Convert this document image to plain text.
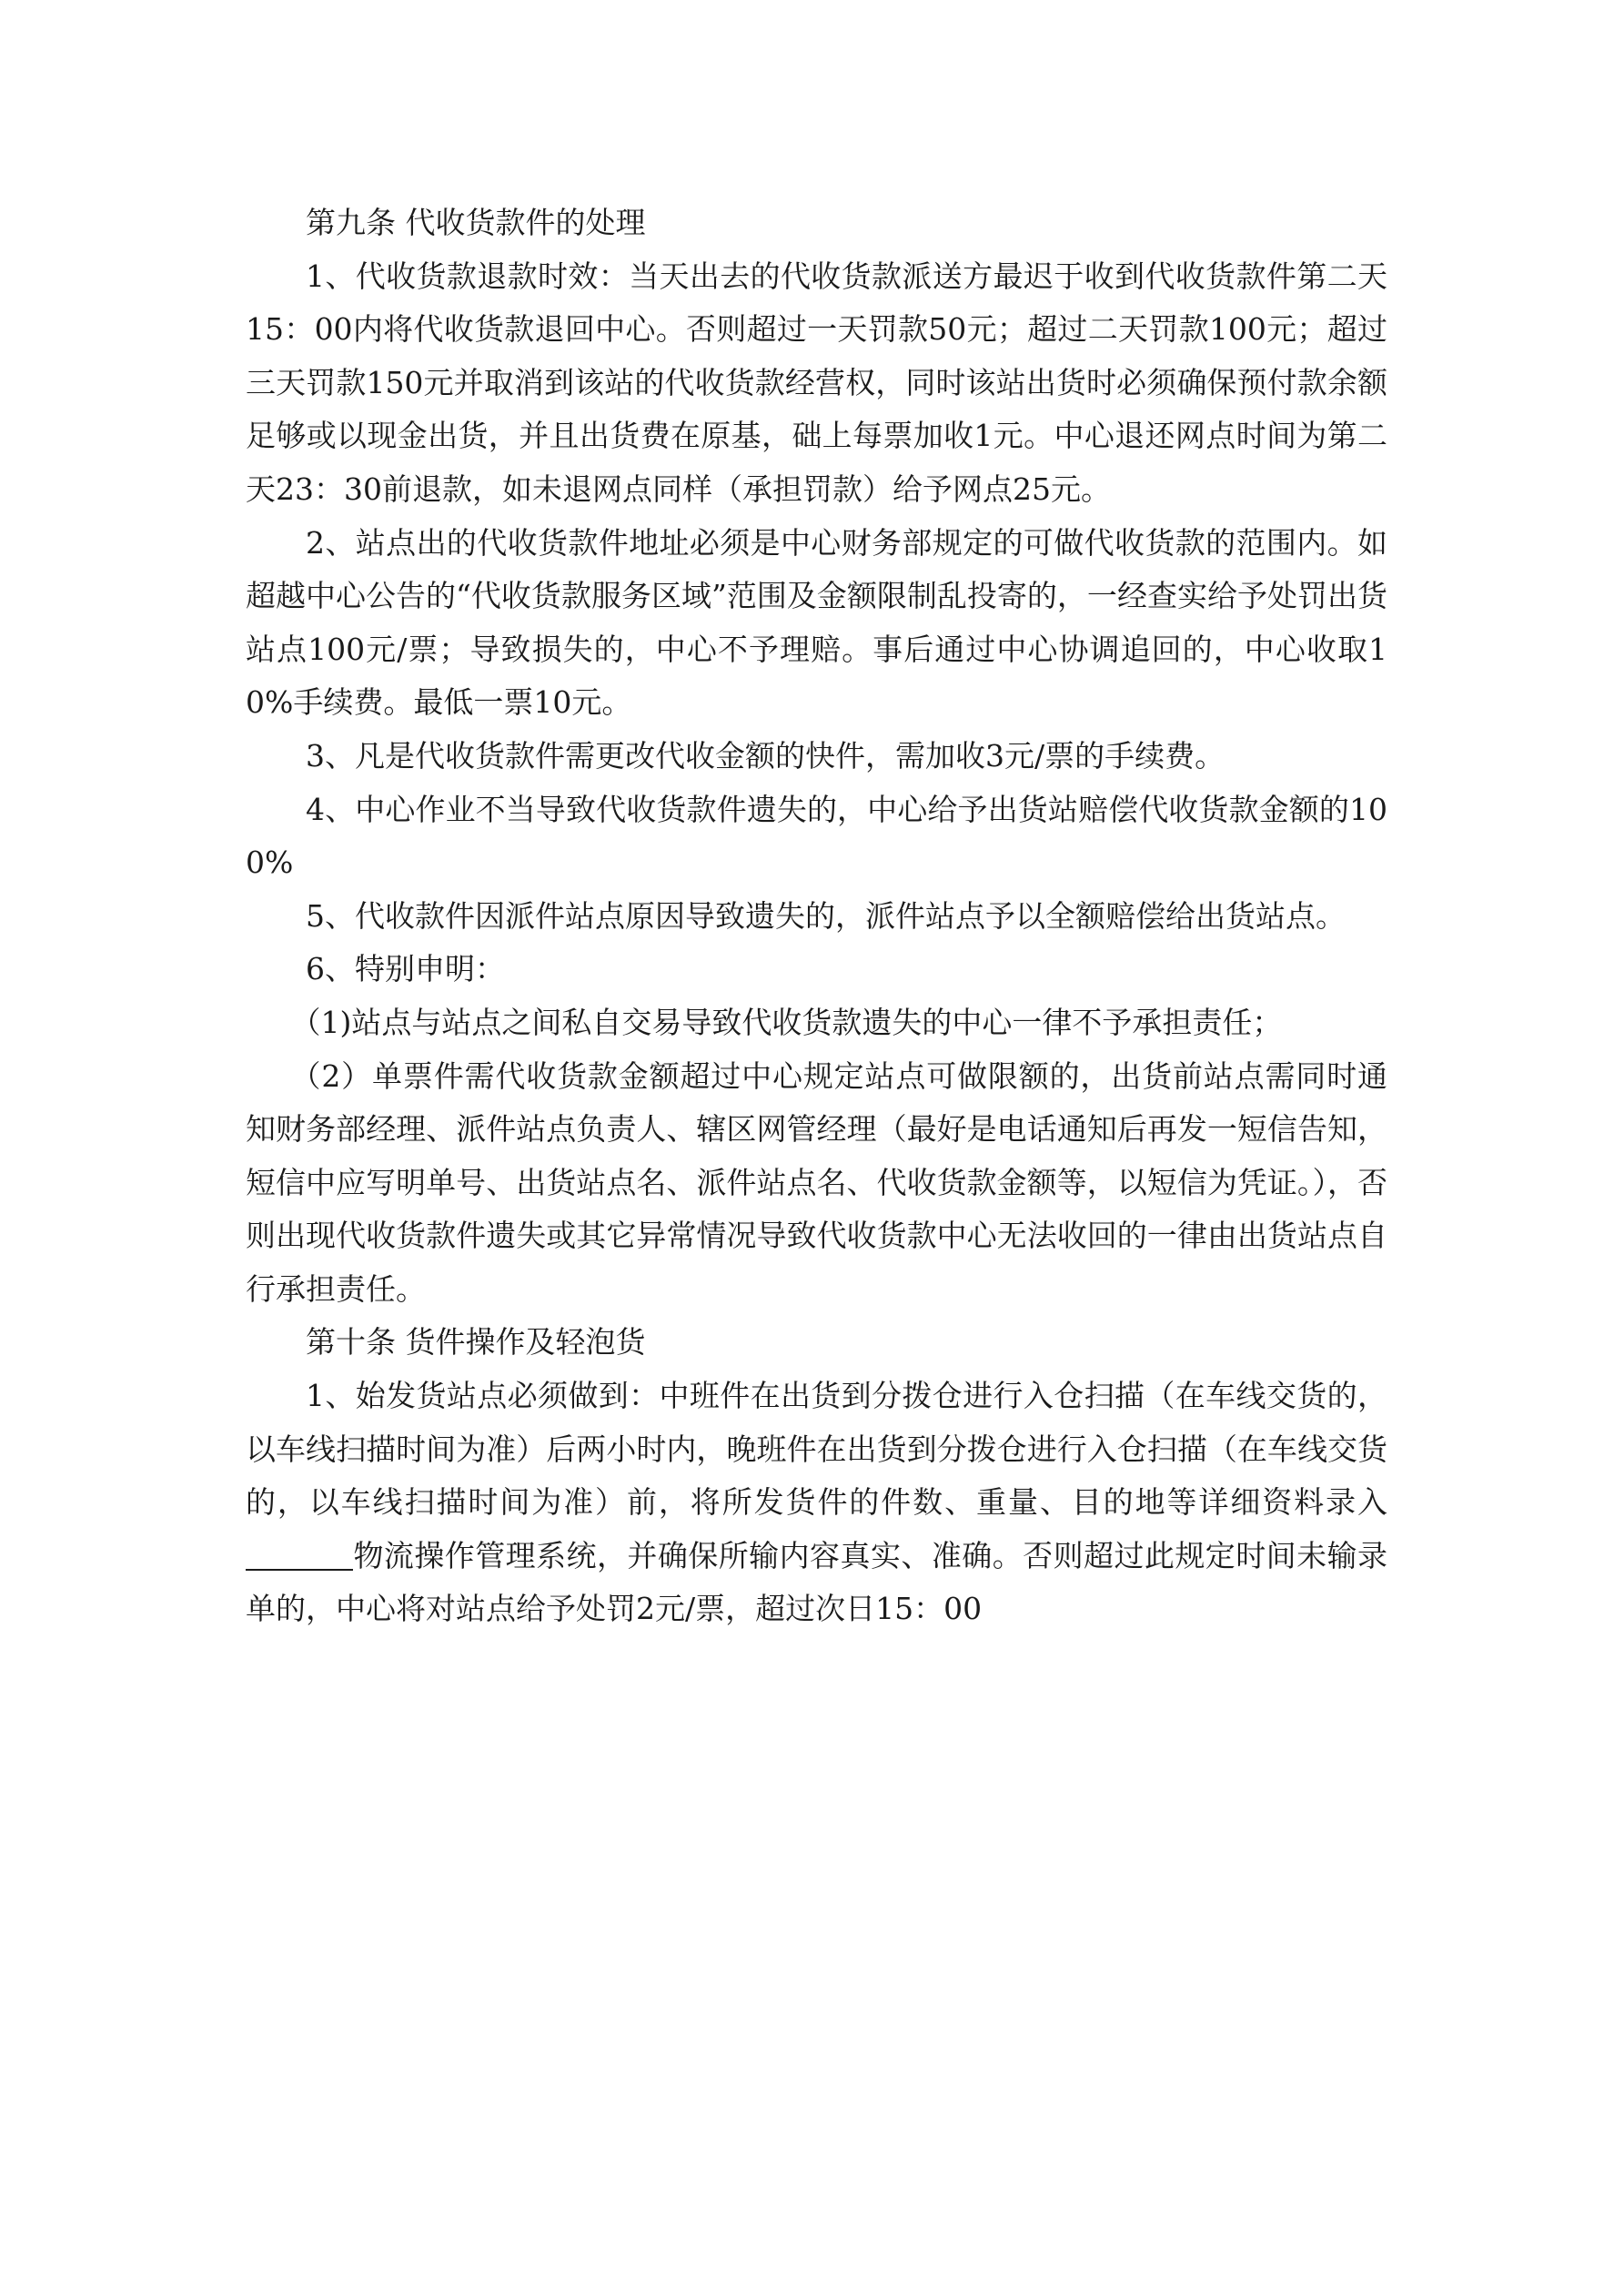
第九条 代收货款件的处理

1、代收货款退款时效：当天出去的代收货款派送方最迟于收到代收货款件第二天15：00内将代收货款退回中心。否则超过一天罚款50元；超过二天罚款100元；超过三天罚款150元并取消到该站的代收货款经营权，同时该站出货时必须确保预付款余额足够或以现金出货，并且出货费在原基，础上每票加收1元。中心退还网点时间为第二天23：30前退款，如未退网点同样（承担罚款）给予网点25元。

2、站点出的代收货款件地址必须是中心财务部规定的可做代收货款的范围内。如超越中心公告的“代收货款服务区域”范围及金额限制乱投寄的，一经查实给予处罚出货站点100元/票；导致损失的，中心不予理赔。事后通过中心协调追回的，中心收取10%手续费。最低一票10元。

3、凡是代收货款件需更改代收金额的快件，需加收3元/票的手续费。

4、中心作业不当导致代收货款件遗失的，中心给予出货站赔偿代收货款金额的100%

5、代收款件因派件站点原因导致遗失的，派件站点予以全额赔偿给出货站点。

6、特别申明：

（1)站点与站点之间私自交易导致代收货款遗失的中心一律不予承担责任；

（2）单票件需代收货款金额超过中心规定站点可做限额的，出货前站点需同时通知财务部经理、派件站点负责人、辖区网管经理（最好是电话通知后再发一短信告知，短信中应写明单号、出货站点名、派件站点名、代收货款金额等，以短信为凭证。），否则出现代收货款件遗失或其它异常情况导致代收货款中心无法收回的一律由出货站点自行承担责任。

第十条 货件操作及轻泡货

1、始发货站点必须做到：中班件在出货到分拨仓进行入仓扫描（在车线交货的，以车线扫描时间为准）后两小时内，晚班件在出货到分拨仓进行入仓扫描（在车线交货的，以车线扫描时间为准）前，将所发货件的件数、重量、目的地等详细资料录入物流操作管理系统，并确保所输内容真实、准确。否则超过此规定时间未输录单的，中心将对站点给予处罚2元/票，超过次日15：00
